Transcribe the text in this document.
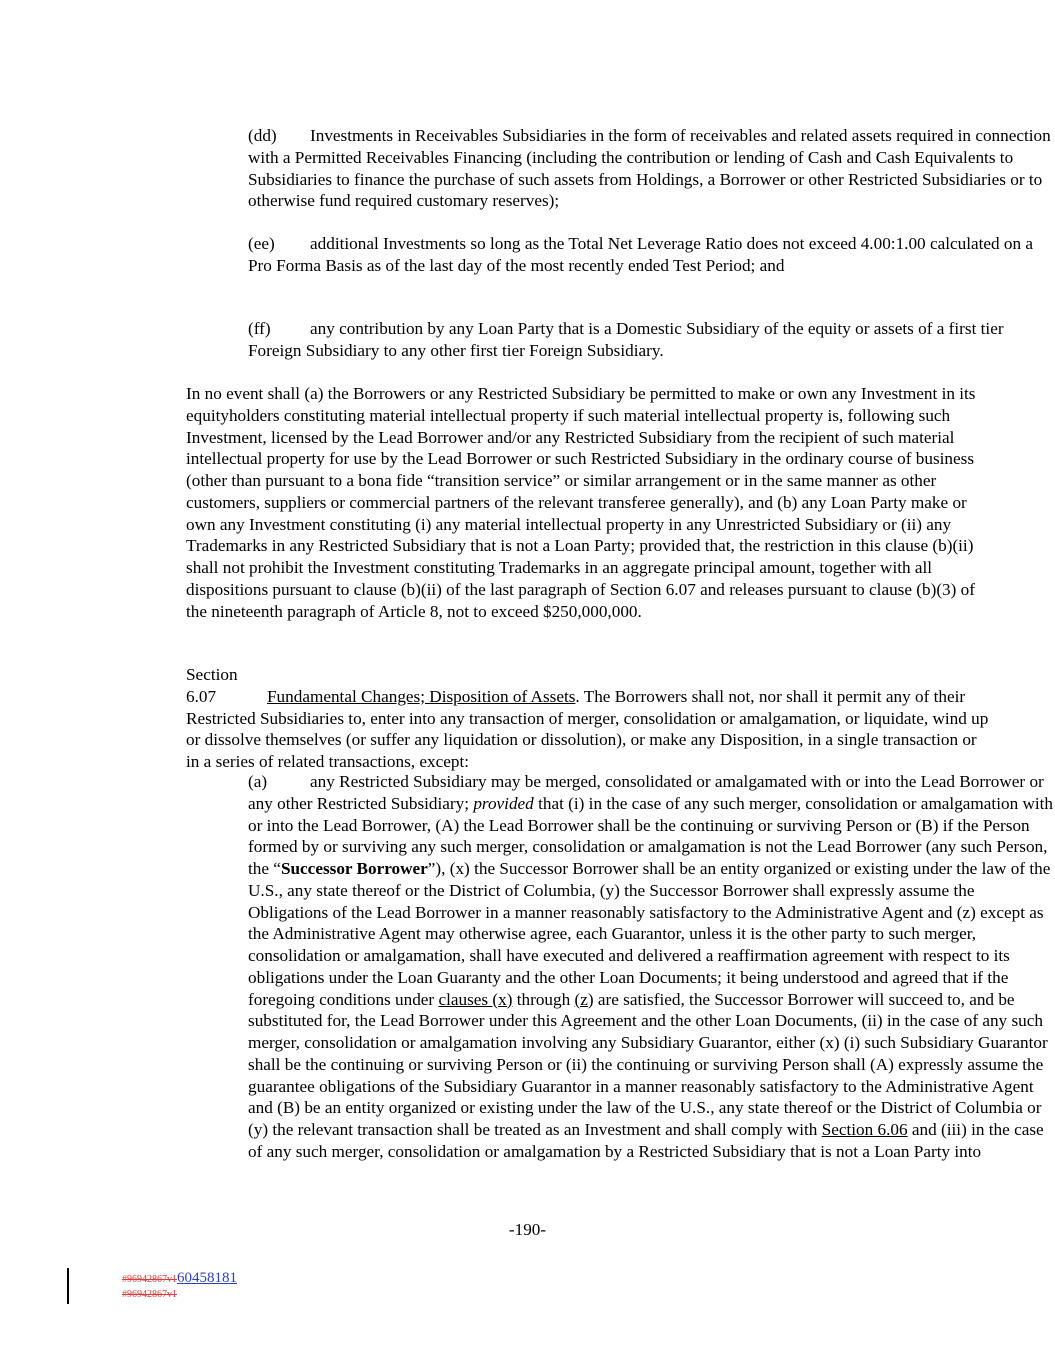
(dd) Investments in Receivables Subsidiaries in the form of receivables and related assets required in connection with a Permitted Receivables Financing (including the contribution or lending of Cash and Cash Equivalents to Subsidiaries to finance the purchase of such assets from Holdings, a Borrower or other Restricted Subsidiaries or to otherwise fund required customary reserves);

(ee) additional Investments so long as the Total Net Leverage Ratio does not exceed 4.00:1.00 calculated on a Pro Forma Basis as of the last day of the most recently ended Test Period; and

(ff) any contribution by any Loan Party that is a Domestic Subsidiary of the equity or assets of a first tier Foreign Subsidiary to any other first tier Foreign Subsidiary.

In no event shall (a) the Borrowers or any Restricted Subsidiary be permitted to make or own any Investment in its equityholders constituting material intellectual property if such material intellectual property is, following such Investment, licensed by the Lead Borrower and/or any Restricted Subsidiary from the recipient of such material intellectual property for use by the Lead Borrower or such Restricted Subsidiary in the ordinary course of business (other than pursuant to a bona fide “transition service” or similar arrangement or in the same manner as other customers, suppliers or commercial partners of the relevant transferee generally), and (b) any Loan Party make or own any Investment constituting (i) any material intellectual property in any Unrestricted Subsidiary or (ii) any Trademarks in any Restricted Subsidiary that is not a Loan Party; provided that, the restriction in this clause (b)(ii) shall not prohibit the Investment constituting Trademarks in an aggregate principal amount, together with all dispositions pursuant to clause (b)(ii) of the last paragraph of Section 6.07 and releases pursuant to clause (b)(3) of the nineteenth paragraph of Article 8, not to exceed $250,000,000.

Section 6.07	Fundamental Changes; Disposition of Assets. The Borrowers shall not, nor shall it permit any of their Restricted Subsidiaries to, enter into any transaction of merger, consolidation or amalgamation, or liquidate, wind up or dissolve themselves (or suffer any liquidation or dissolution), or make any Disposition, in a single transaction or in a series of related transactions, except:

(a) any Restricted Subsidiary may be merged, consolidated or amalgamated with or into the Lead Borrower or any other Restricted Subsidiary; provided that (i) in the case of any such merger, consolidation or amalgamation with or into the Lead Borrower, (A) the Lead Borrower shall be the continuing or surviving Person or (B) if the Person formed by or surviving any such merger, consolidation or amalgamation is not the Lead Borrower (any such Person, the “Successor Borrower”), (x) the Successor Borrower shall be an entity organized or existing under the law of the U.S., any state thereof or the District of Columbia, (y) the Successor Borrower shall expressly assume the Obligations of the Lead Borrower in a manner reasonably satisfactory to the Administrative Agent and (z) except as the Administrative Agent may otherwise agree, each Guarantor, unless it is the other party to such merger, consolidation or amalgamation, shall have executed and delivered a reaffirmation agreement with respect to its obligations under the Loan Guaranty and the other Loan Documents; it being understood and agreed that if the foregoing conditions under clauses (x) through (z) are satisfied, the Successor Borrower will succeed to, and be substituted for, the Lead Borrower under this Agreement and the other Loan Documents, (ii) in the case of any such merger, consolidation or amalgamation involving any Subsidiary Guarantor, either (x) (i) such Subsidiary Guarantor shall be the continuing or surviving Person or (ii) the continuing or surviving Person shall (A) expressly assume the guarantee obligations of the Subsidiary Guarantor in a manner reasonably satisfactory to the Administrative Agent and (B) be an entity organized or existing under the law of the U.S., any state thereof or the District of Columbia or (y) the relevant transaction shall be treated as an Investment and shall comply with Section 6.06 and (iii) in the case of any such merger, consolidation or amalgamation by a Restricted Subsidiary that is not a Loan Party into

-190-
#96942867v160458181
#96942867v1
